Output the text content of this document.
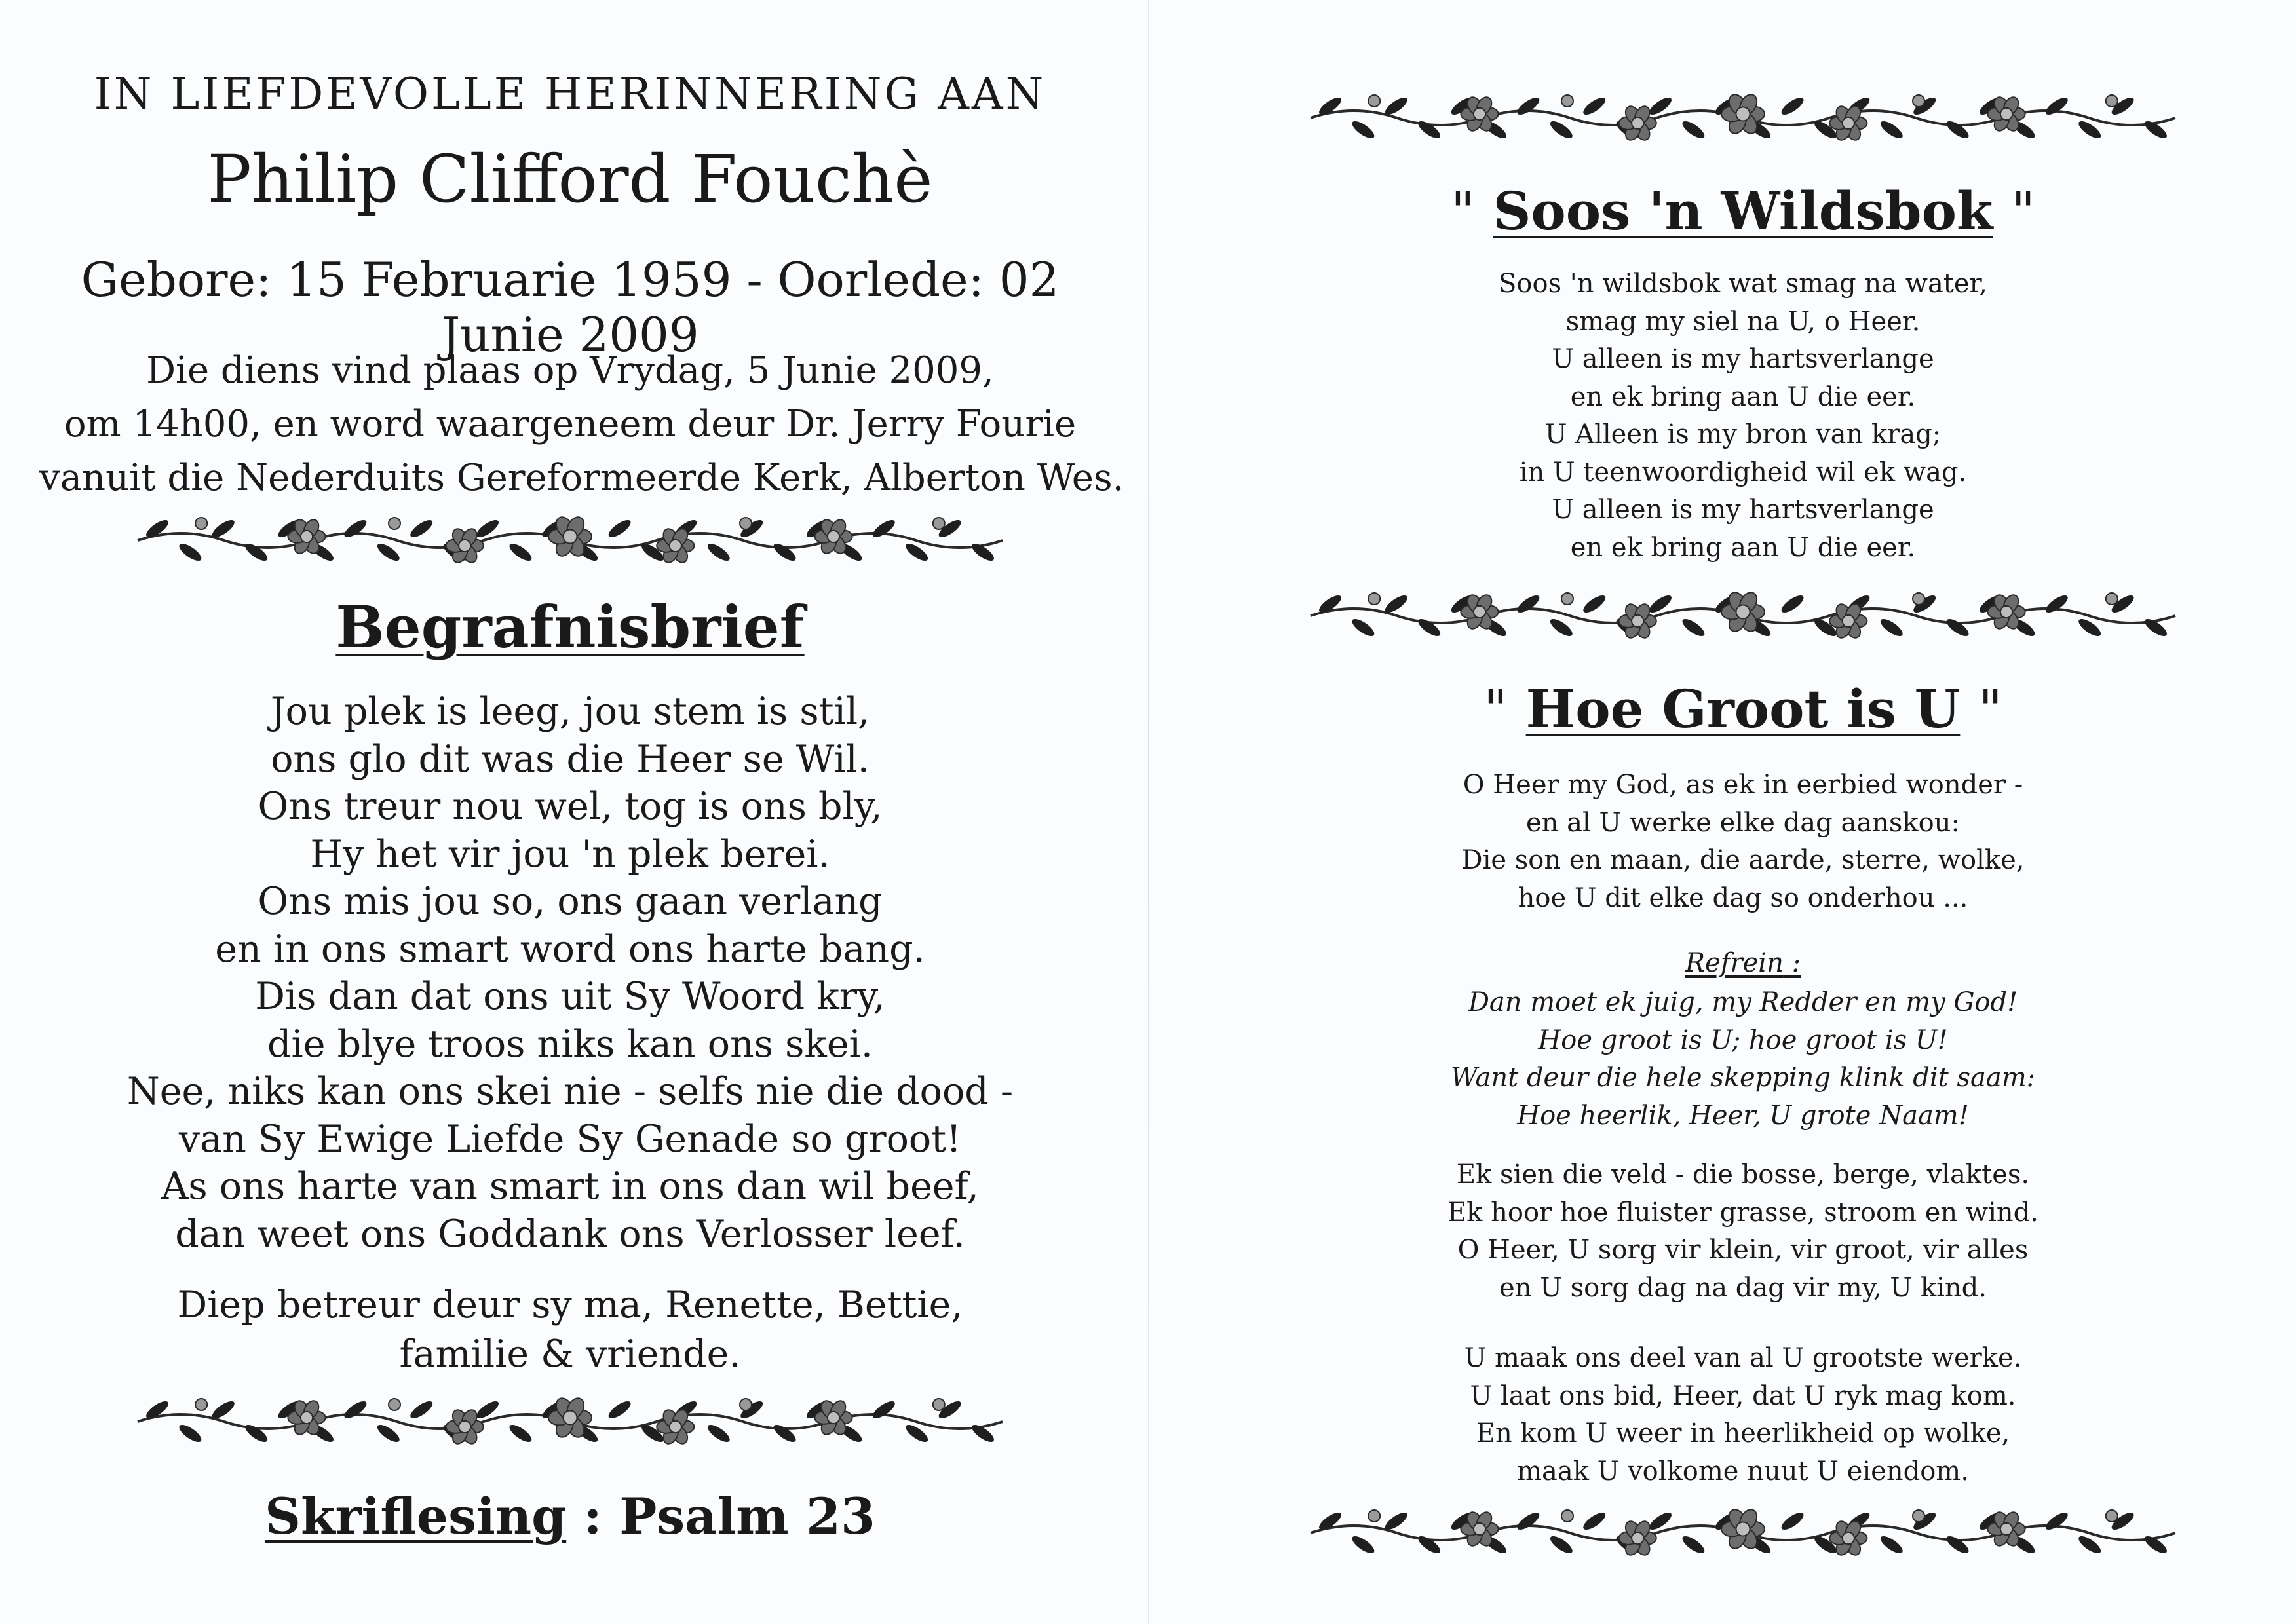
IN LIEFDEVOLLE HERINNERING AAN
Philip Clifford Fouchè
Gebore: 15 Februarie 1959 - Oorlede: 02 Junie 2009
Die diens vind plaas op Vrydag, 5 Junie 2009,
om 14h00, en word waargeneem deur Dr. Jerry Fourie
vanuit die Nederduits Gereformeerde Kerk, Alberton Wes.
Begrafnisbrief
Jou plek is leeg, jou stem is stil,
ons glo dit was die Heer se Wil.
Ons treur nou wel, tog is ons bly,
Hy het vir jou 'n plek berei.
Ons mis jou so, ons gaan verlang
en in ons smart word ons harte bang.
Dis dan dat ons uit Sy Woord kry,
die blye troos niks kan ons skei.
Nee, niks kan ons skei nie - selfs nie die dood -
van Sy Ewige Liefde Sy Genade so groot!
As ons harte van smart in ons dan wil beef,
dan weet ons Goddank ons Verlosser leef.
Diep betreur deur sy ma, Renette, Bettie,
familie & vriende.
Skriflesing : Psalm 23
" Soos 'n Wildsbok "
Soos 'n wildsbok wat smag na water,
smag my siel na U, o Heer.
U alleen is my hartsverlange
en ek bring aan U die eer.
U Alleen is my bron van krag;
in U teenwoordigheid wil ek wag.
U alleen is my hartsverlange
en ek bring aan U die eer.
" Hoe Groot is U "
O Heer my God, as ek in eerbied wonder -
en al U werke elke dag aanskou:
Die son en maan, die aarde, sterre, wolke,
hoe U dit elke dag so onderhou ...
Refrein :
Dan moet ek juig, my Redder en my God!
Hoe groot is U; hoe groot is U!
Want deur die hele skepping klink dit saam:
Hoe heerlik, Heer, U grote Naam!
Ek sien die veld - die bosse, berge, vlaktes.
Ek hoor hoe fluister grasse, stroom en wind.
O Heer, U sorg vir klein, vir groot, vir alles
en U sorg dag na dag vir my, U kind.
U maak ons deel van al U grootste werke.
U laat ons bid, Heer, dat U ryk mag kom.
En kom U weer in heerlikheid op wolke,
maak U volkome nuut U eiendom.
